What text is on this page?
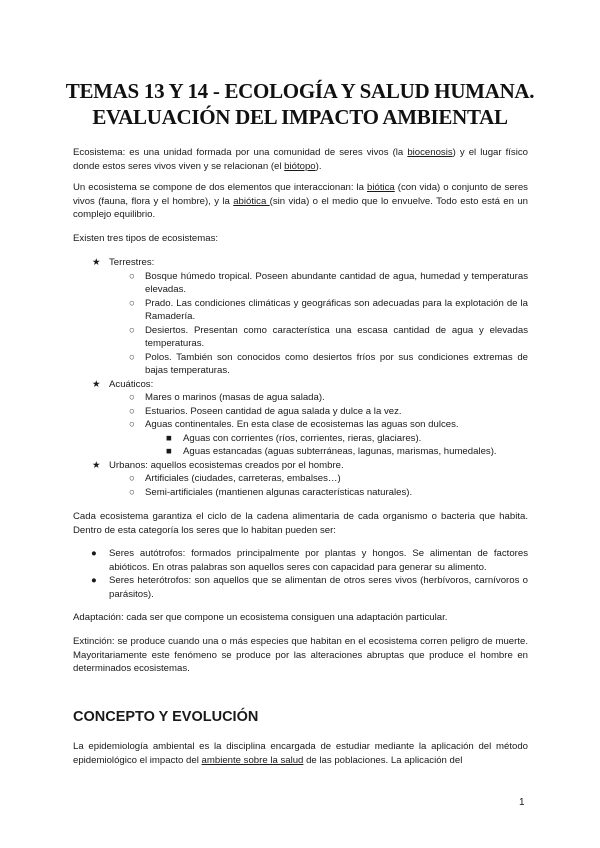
TEMAS 13 Y 14 - ECOLOGÍA Y SALUD HUMANA.
EVALUACIÓN DEL IMPACTO AMBIENTAL
Ecosistema: es una unidad formada por una comunidad de seres vivos (la biocenosis) y el lugar físico donde estos seres vivos viven y se relacionan (el biótopo).
Un ecosistema se compone de dos elementos que interaccionan: la biótica (con vida) o conjunto de seres vivos (fauna, flora y el hombre), y la abiótica (sin vida) o el medio que lo envuelve. Todo esto está en un complejo equilibrio.
Existen tres tipos de ecosistemas:
★ Terrestres:
○ Bosque húmedo tropical. Poseen abundante cantidad de agua, humedad y temperaturas elevadas.
○ Prado. Las condiciones climáticas y geográficas son adecuadas para la explotación de la Ramadería.
○ Desiertos. Presentan como característica una escasa cantidad de agua y elevadas temperaturas.
○ Polos. También son conocidos como desiertos fríos por sus condiciones extremas de bajas temperaturas.
★ Acuáticos:
○ Mares o marinos (masas de agua salada).
○ Estuarios. Poseen cantidad de agua salada y dulce a la vez.
○ Aguas continentales. En esta clase de ecosistemas las aguas son dulces.
■ Aguas con corrientes (ríos, corrientes, rieras, glaciares).
■ Aguas estancadas (aguas subterráneas, lagunas, marismas, humedales).
★ Urbanos: aquellos ecosistemas creados por el hombre.
○ Artificiales (ciudades, carreteras, embalses…)
○ Semi-artificiales (mantienen algunas características naturales).
Cada ecosistema garantiza el ciclo de la cadena alimentaria de cada organismo o bacteria que habita. Dentro de esta categoría los seres que lo habitan pueden ser:
● Seres autótrofos: formados principalmente por plantas y hongos. Se alimentan de factores abióticos. En otras palabras son aquellos seres con capacidad para generar su alimento.
● Seres heterótrofos: son aquellos que se alimentan de otros seres vivos (herbívoros, carnívoros o parásitos).
Adaptación: cada ser que compone un ecosistema consiguen una adaptación particular.
Extinción: se produce cuando una o más especies que habitan en el ecosistema corren peligro de muerte. Mayoritariamente este fenómeno se produce por las alteraciones abruptas que produce el hombre en determinados ecosistemas.
CONCEPTO Y EVOLUCIÓN
La epidemiología ambiental es la disciplina encargada de estudiar mediante la aplicación del método epidemiológico el impacto del ambiente sobre la salud de las poblaciones. La aplicación del
1
